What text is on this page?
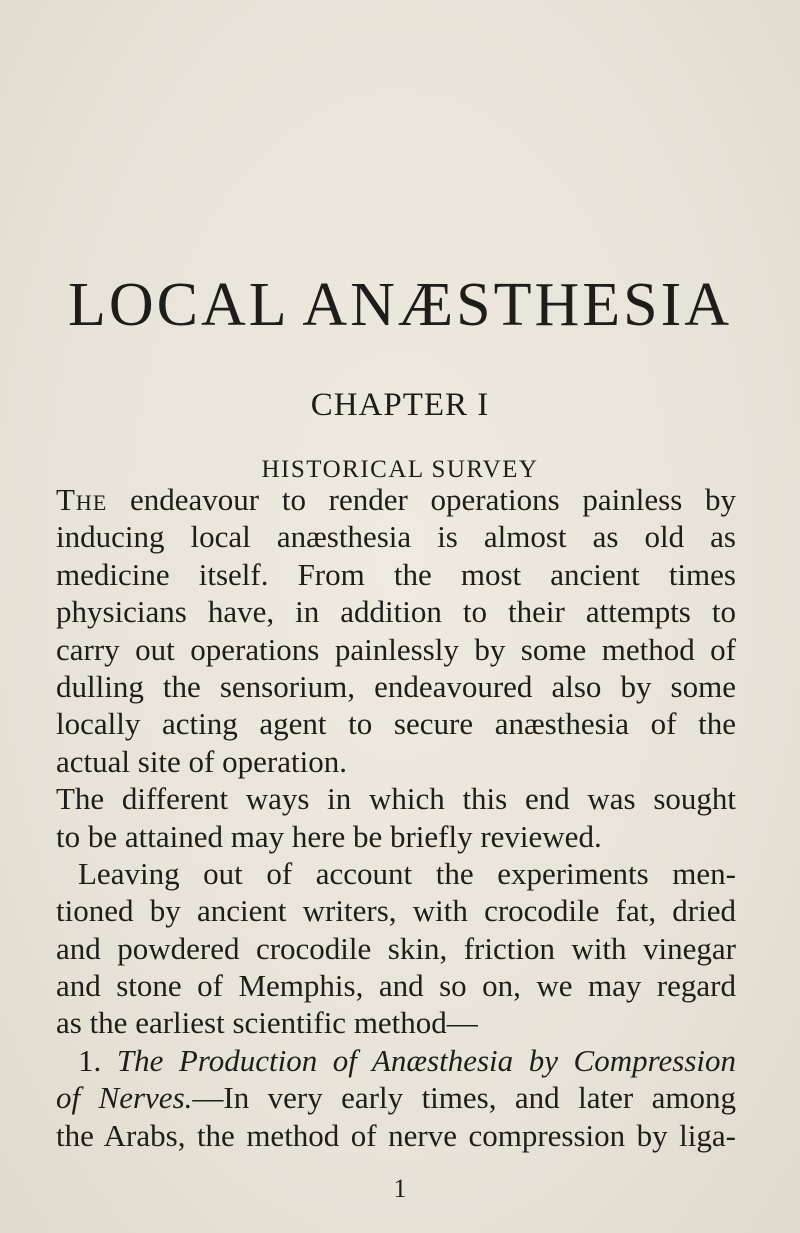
LOCAL ANÆSTHESIA
CHAPTER I
HISTORICAL SURVEY
The endeavour to render operations painless by
inducing local anæsthesia is almost as old as
medicine itself. From the most ancient times
physicians have, in addition to their attempts to
carry out operations painlessly by some method of
dulling the sensorium, endeavoured also by some
locally acting agent to secure anæsthesia of the
actual site of operation.
The different ways in which this end was sought
to be attained may here be briefly reviewed.
Leaving out of account the experiments men-
tioned by ancient writers, with crocodile fat, dried
and powdered crocodile skin, friction with vinegar
and stone of Memphis, and so on, we may regard
as the earliest scientific method—
1. The Production of Anæsthesia by Compression
of Nerves.—In very early times, and later among
the Arabs, the method of nerve compression by liga-
1
